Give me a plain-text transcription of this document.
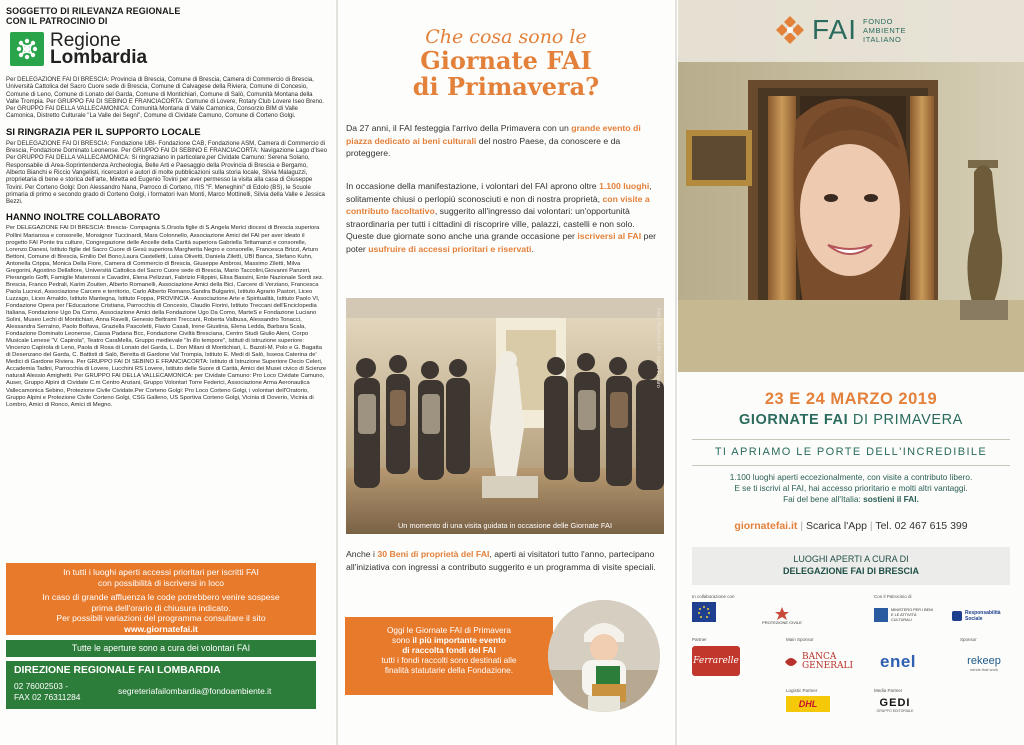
SOGGETTO DI RILEVANZA REGIONALE
CON IL PATROCINIO DI
Regione
Lombardia
Per DELEGAZIONE FAI DI BRESCIA: Provincia di Brescia, Comune di Brescia, Camera di Commercio di Brescia, Università Cattolica del Sacro Cuore sede di Brescia, Comune di Calvagese della Riviera, Comune di Concesio, Comune di Leno, Comune di Lonato del Garda, Comune di Montichiari, Comune di Salò, Comunità Montana della Valle Trompia. Per GRUPPO FAI DI SEBINO E FRANCIACORTA: Comune di Lovere, Rotary Club Lovere Iseo Breno. Per GRUPPO FAI DELLA VALLECAMONICA: Comunità Montana di Valle Camonica, Consorzio BIM di Valle Camonica, Distretto Culturale "La Valle dei Segni", Comune di Cividate Camuno, Comune di Corteno Golgi.
SI RINGRAZIA PER IL SUPPORTO LOCALE
Per DELEGAZIONE FAI DI BRESCIA: Fondazione UBI- Fondazione CAB, Fondazione ASM, Camera di Commercio di Brescia, Fondazione Dominato Leonense. Per GRUPPO FAI DI SEBINO E FRANCIACORTA: Navigazione Lago d'Iseo Per GRUPPO FAI DELLA VALLECAMONICA: Si ringraziano in particolare,per Cividate Camuno: Serena Solano, Responsabile di Area-Soprintendenza Archeologia, Belle Arti e Paesaggio della Provincia di Brescia e Bergamo, Alberto Bianchi e Riccio Vangelisti, ricercatori e autori di molte pubblicazioni sulla storia locale, Silvia Malaguzzi, proprietaria di bene e storica dell'arte, Miretta ed Eugenio Tovini per aver permesso la visita alla casa di Giuseppe Tovini. Per Corteno Golgi: Don Alessandro Nana, Parroco di Corteno, l'IIS "F. Meneghini" di Edolo (BS), le Scuole primaria di primo e secondo grado di Corteno Golgi, i formatori Ivan Monti, Marco Mottinelli, Silvia della Valle e Jessica Bezzi.
HANNO INOLTRE COLLABORATO
Per DELEGAZIONE FAI DI BRESCIA: Brescia- Compagnia S.Orsola figlie di S.Angela Merici diocesi di Brescia superiora Pollini Mariarosa e consorelle, Monsignor Tuccinardi, Mara Colonnello, Associazione Amici del FAI per aver ideato il progetto FAI Ponte tra culture, Congregazione delle Ancelle della Carità superiora Gabriella Tettamanzi e consorelle, Lorenzo Danesi, Istituto figlie del Sacro Cuore di Gesù superiora Margherita Negro e consorelle, Francesca Brizzi, Arturo Bettoni, Comune di Brescia, Emilio Del Bono,Laura Castelletti, Luisa Olivetti, Daniela Zilettì, UBI Banca, Stefano Kuhn, Antonella Crippa, Monica Della Fiore, Camera di Commercio di Brescia, Giuseppe Ambrosi, Massimo Ziletti, Milva Gregorini, Agostino Dellafiore, Università Cattolica del Sacro Cuore sede di Brescia, Mario Taccolini,Giovanni Panzeri, Pierangelo Goffi, Famiglie Materossi e Cavadini, Elena Pelizzari, Fabrizio Filippini, Elisa Bassini, Ente Nazionale Sordi sez. Brescia, Franco Pedrali, Karim Zouiten, Alberto Romanelli, Associazione Amici della Bici, Carcere di Verziano, Francesca Paola Lucrezi, Associazione Carcere e territorio, Carlo Alberto Romano,Sandra Bulgarini, Istituto Agrario Pastori, Liceo Luzzago, Liceo Arnaldo, Istituto Mantegna, Istituto Foppa, PROVINCIA - Associazione Arte e Spiritualità, Istituto Paolo VI, Fondazione Opera per l'Educazione Cristiana, Parrocchia di Concesio, Claudio Fiorini, Istituto Treccani dell'Enciclopedia Italiana, Fondazione Ugo Da Como, Associazione Amici della Fondazione Ugo Da Como, MarteS e Fondazione Luciano Solini, Museo Lechi di Montichiari, Anna Ravelli, Genesio Beltrami Treccani, Roberta Valbusa, Alessandro Tonacci, Alessandra Serraino, Paolo Bolfava, Graziella Pascoletti, Flavio Casali, Irene Giustina, Elena Ledda, Barbara Scala, Fondazione Dominato Leonense, Cassa Padana Bcc, Fondazione Civiltà Bresciana, Centro Studi Giulio Aleni, Corpo Musicale Lenese "V. Capirola", Teatro CaraMella, Gruppo medievale "In illo tempore", Istituti di istruzione superiore: Vincenzo Capirola di Leno, Paola di Rosa di Lonato del Garda, L. Don Milani di Montichiari, L. Bazoli-M. Polo e G. Bagatta di Desenzano del Garda, C. Battisti di Salò, Beretta di Gardone Val Trompia, Istituto E. Medi di Salò, Isseoa Caterina de' Medici di Gardone Riviera. Per GRUPPO FAI DI SEBINO E FRANCIACORTA: Istituto di Istruzione Superiore Decio Celeri, Accademia Tadini, Parrocchia di Lovere, Lucchini RS Lovere, Istituto delle Suore di Carità, Amici dei Musei civico di Scienze naturali Alessio Amighetti. Per GRUPPO FAI DELLA VALLECAMONICA: per Cividate Camuno: Pro Loco Cividate Camuno, Auser, Gruppo Alpini di Cividate C.m Centro Anziani, Gruppo Volontari Torre Federici, Associazione Arma Aeronautica Vallecamonica Sebino, Protezione Civile Cividate.Per Corteno Golgi: Pro Loco Corteno Golgi, i volontari dell'Oratorio, Gruppo Alpini e Protezione Civile Corteno Golgi, CSG Galleno, US Sportiva Corteno Golgi, Vicinia di Doverio, Vicinia di Lombro, Amici di Ronco, Amici di Megno.
In tutti i luoghi aperti accessi prioritari per iscritti FAI
con possibilità di iscriversi in loco
In caso di grande affluenza le code potrebbero venire sospese
prima dell'orario di chiusura indicato.
Per possibili variazioni del programma consultare il sito
www.giornatefai.it
Tutte le aperture sono a cura dei volontari FAI
DIREZIONE REGIONALE FAI LOMBARDIA
02 76002503 -
FAX 02 76311284
segreteriafailombardia@fondoambiente.it
Che cosa sono le
Giornate FAI
di Primavera?
Da 27 anni, il FAI festeggia l'arrivo della Primavera con un grande evento di piazza dedicato ai beni culturali del nostro Paese, da conoscere e da proteggere.
In occasione della manifestazione, i volontari del FAI aprono oltre 1.100 luoghi, solitamente chiusi o perlopiù sconosciuti e non di nostra proprietà, con visite a contributo facoltativo, suggerito all'ingresso dai volontari: un'opportunità straordinaria per tutti i cittadini di riscoprire ville, palazzi, castelli e non solo. Queste due giornate sono anche una grande occasione per iscriversi al FAI per poter usufruire di accessi prioritari e riservati.
Foto: Archivio FAI - Dario Fusaro
Un momento di una visita guidata in occasione delle Giornate FAI
Anche i 30 Beni di proprietà del FAI, aperti ai visitatori tutto l'anno, partecipano all'iniziativa con ingressi a contributo suggerito e un programma di visite speciali.
Oggi le Giornate FAI di Primavera
sono il più importante evento
di raccolta fondi del FAI
tutti i fondi raccolti sono destinati alle
finalità statutarie della Fondazione.
FAI FONDO
AMBIENTE
ITALIANO
23 E 24 MARZO 2019
GIORNATE FAI DI PRIMAVERA
TI APRIAMO LE PORTE DELL'INCREDIBILE
1.100 luoghi aperti eccezionalmente, con visite a contributo libero.
E se ti iscrivi al FAI, hai accesso prioritario e molti altri vantaggi.
Fai del bene all'Italia: sostieni il FAI.
giornatefai.it | Scarica l'App | Tel. 02 467 615 399
LUOGHI APERTI A CURA DI
DELEGAZIONE FAI DI BRESCIA
In collaborazione con	Con il Patrocinio di
Partner	Main Sponsor	Sponsor
Logistic Partner	Media Partner
PROTEZIONE CIVILE
MINISTERO PER I BENI E LE ATTIVITÀ CULTURALI
Responsabilità Sociale
Ferrarelle	BANCA
GENERALI enel	rekeep
minds that work
DHL	GEDI
GRUPPO EDITORIALE
